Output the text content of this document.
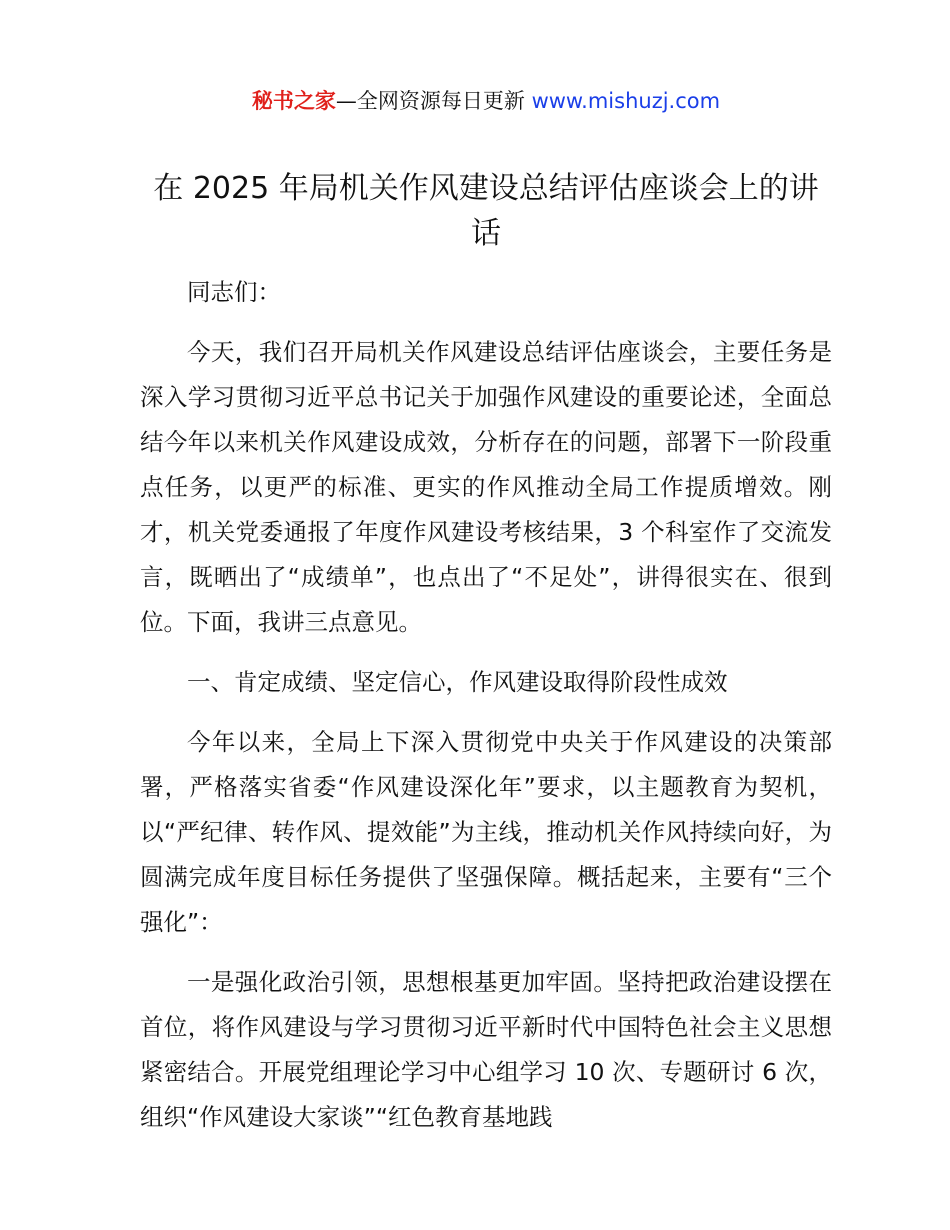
秘书之家—全网资源每日更新 www.mishuzj.com
在 2025 年局机关作风建设总结评估座谈会上的讲话

同志们：

今天，我们召开局机关作风建设总结评估座谈会，主要任务是深入学习贯彻习近平总书记关于加强作风建设的重要论述，全面总结今年以来机关作风建设成效，分析存在的问题，部署下一阶段重点任务，以更严的标准、更实的作风推动全局工作提质增效。刚才，机关党委通报了年度作风建设考核结果，3 个科室作了交流发言，既晒出了“成绩单”，也点出了“不足处”，讲得很实在、很到位。下面，我讲三点意见。

一、肯定成绩、坚定信心，作风建设取得阶段性成效

今年以来，全局上下深入贯彻党中央关于作风建设的决策部署，严格落实省委“作风建设深化年”要求，以主题教育为契机，以“严纪律、转作风、提效能”为主线，推动机关作风持续向好，为圆满完成年度目标任务提供了坚强保障。概括起来，主要有“三个强化”：

一是强化政治引领，思想根基更加牢固。坚持把政治建设摆在首位，将作风建设与学习贯彻习近平新时代中国特色社会主义思想紧密结合。开展党组理论学习中心组学习 10 次、专题研讨 6 次，组织“作风建设大家谈”“红色教育基地践
